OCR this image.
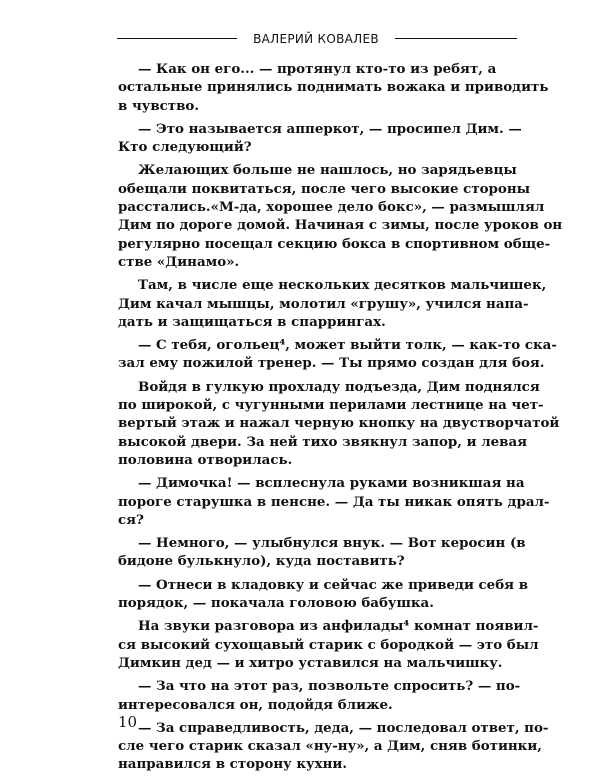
ВАЛЕРИЙ КОВАЛЕВ

— Как он его... — протянул кто-то из ребят, а
остальные принялись поднимать вожака и приводить
в чувство.

— Это называется апперкот, — просипел Дим. —
Кто следующий?

Желающих больше не нашлось, но зарядьевцы
обещали поквитаться, после чего высокие стороны
расстались.«М-да, хорошее дело бокс», — размышлял
Дим по дороге домой. Начиная с зимы, после уроков он
регулярно посещал секцию бокса в спортивном обще-
стве «Динамо».

Там, в числе еще нескольких десятков мальчишек,
Дим качал мышцы, молотил «грушу», учился напа-
дать и защищаться в спаррингах.

— С тебя, огольец⁴, может выйти толк, — как-то ска-
зал ему пожилой тренер. — Ты прямо создан для боя.

Войдя в гулкую прохладу подъезда, Дим поднялся
по широкой, с чугунными перилами лестнице на чет-
вертый этаж и нажал черную кнопку на двустворчатой
высокой двери. За ней тихо звякнул запор, и левая
половина отворилась.

— Димочка! — всплеснула руками возникшая на
пороге старушка в пенсне. — Да ты никак опять драл-
ся?

— Немного, — улыбнулся внук. — Вот керосин (в
бидоне булькнуло), куда поставить?

— Отнеси в кладовку и сейчас же приведи себя в
порядок, — покачала головою бабушка.

На звуки разговора из анфилады⁴ комнат появил-
ся высокий сухощавый старик с бородкой — это был
Димкин дед — и хитро уставился на мальчишку.

— За что на этот раз, позвольте спросить? — по-
интересовался он, подойдя ближе.

— За справедливость, деда, — последовал ответ, по-
сле чего старик сказал «ну-ну», а Дим, сняв ботинки,
направился в сторону кухни.

10
